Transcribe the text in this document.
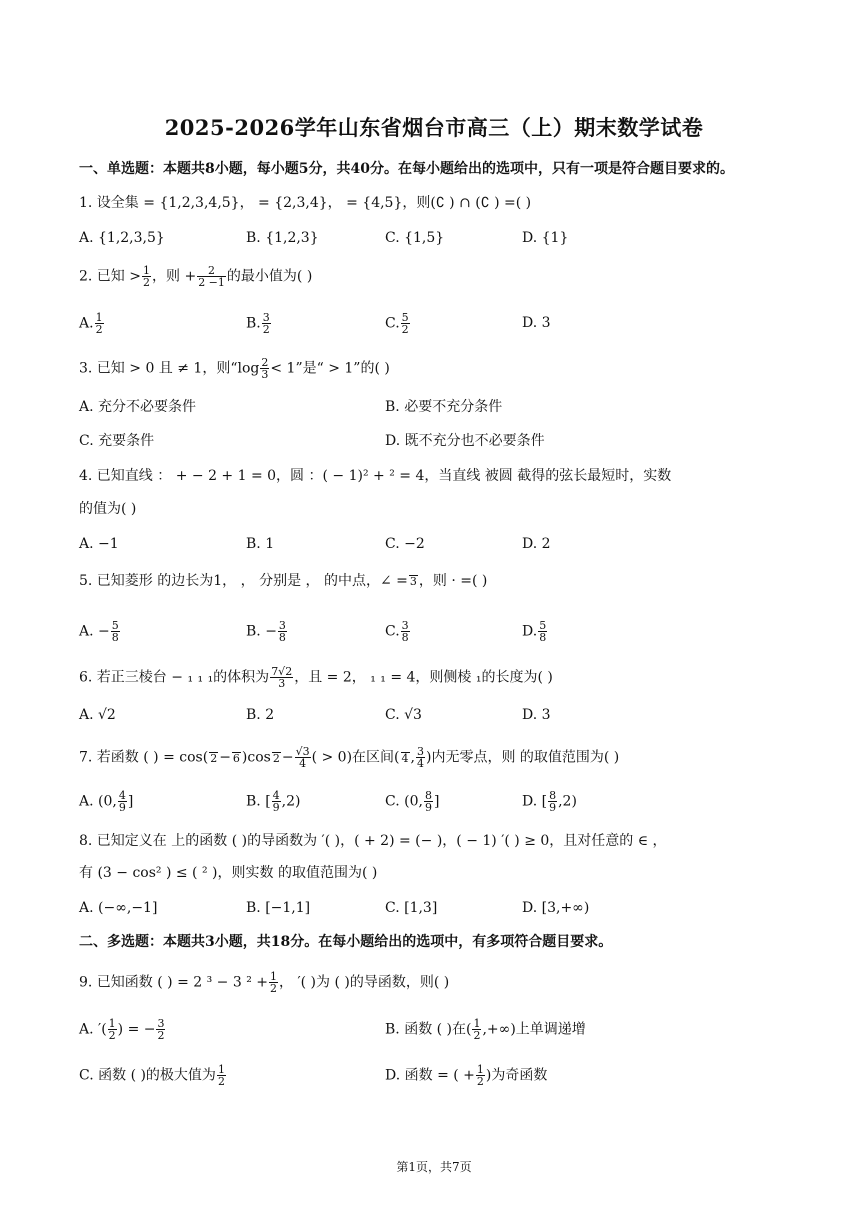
2025-2026学年山东省烟台市高三（上）期末数学试卷
一、单选题：本题共8小题，每小题5分，共40分。在每小题给出的选项中，只有一项是符合题目要求的。
1. 设全集 = {1,2,3,4,5}， = {2,3,4}， = {4,5}，则(∁ ) ∩ (∁ ) =( )
A. {1,2,3,5}	B. {1,2,3}	C. {1,5}	D. {1}
2. 已知 > $\frac{1}{2}$ ，则 + $\frac{2}{2 -1}$ 的最小值为( )
A. $\frac{1}{2}$	B. $\frac{3}{2}$	C. $\frac{5}{2}$	D. 3
3. 已知 > 0 且 ≠ 1，则“$\log \frac{2}{3} < 1$”是“ > 1”的( )
A. 充分不必要条件	B. 必要不充分条件
C. 充要条件	D. 既不充分也不必要条件
4. 已知直线 ： + − 2 + 1 = 0，圆 ：( − 1)² + ² = 4，当直线 被圆 截得的弦长最短时，实数
的值为( )
A. −1	B. 1	C. −2	D. 2
5. 已知菱形 的边长为1， ， 分别是 ， 的中点，∠ = 3 ，则 · =( )
A. − $\frac{5}{8}$	B. − $\frac{3}{8}$	C. $\frac{3}{8}$	D. $\frac{5}{8}$
6. 若正三棱台 − ₁ ₁ ₁的体积为 $\frac{7√2}{3}$ ，且 = 2， ₁ ₁ = 4，则侧棱 ₁的长度为( )
A. √2	B. 2	C. √3	D. 3
7. 若函数 ( ) = cos( 2 − 6 )cos $2 - \frac{√3}{4}$ ( > 0)在区间( 4 , $\frac{3}{4}$ )内无零点，则 的取值范围为( )
A. (0, $\frac{4}{9}$ ]	B. [ $\frac{4}{9} ,2$)	C. (0, $\frac{8}{9}$ ]	D. [ $\frac{8}{9} ,2$)
8. 已知定义在 上的函数 ( )的导函数为 ′( )，( + 2) = (− )，( − 1) ′( ) ≥ 0，且对任意的 ∈ ，
有 (3 − cos² ) ≤ ( ² )，则实数 的取值范围为( )
A. (−∞,−1]	B. [−1,1]	C. [1,3]	D. [3,+∞)
二、多选题：本题共3小题，共18分。在每小题给出的选项中，有多项符合题目要求。
9. 已知函数 ( ) = 2 ³ − 3 $^2 + \frac{1}{2}$ ， ′( )为 ( )的导函数，则( )
A. ′( $\frac{1}{2}$ ) = − $\frac{3}{2}$	B. 函数 ( )在( $\frac{1}{2}$ ,+∞)上单调递增
C. 函数 ( )的极大值为 $\frac{1}{2}$	D. 函数 = ( + $\frac{1}{2}$ )为奇函数
第1页，共7页
